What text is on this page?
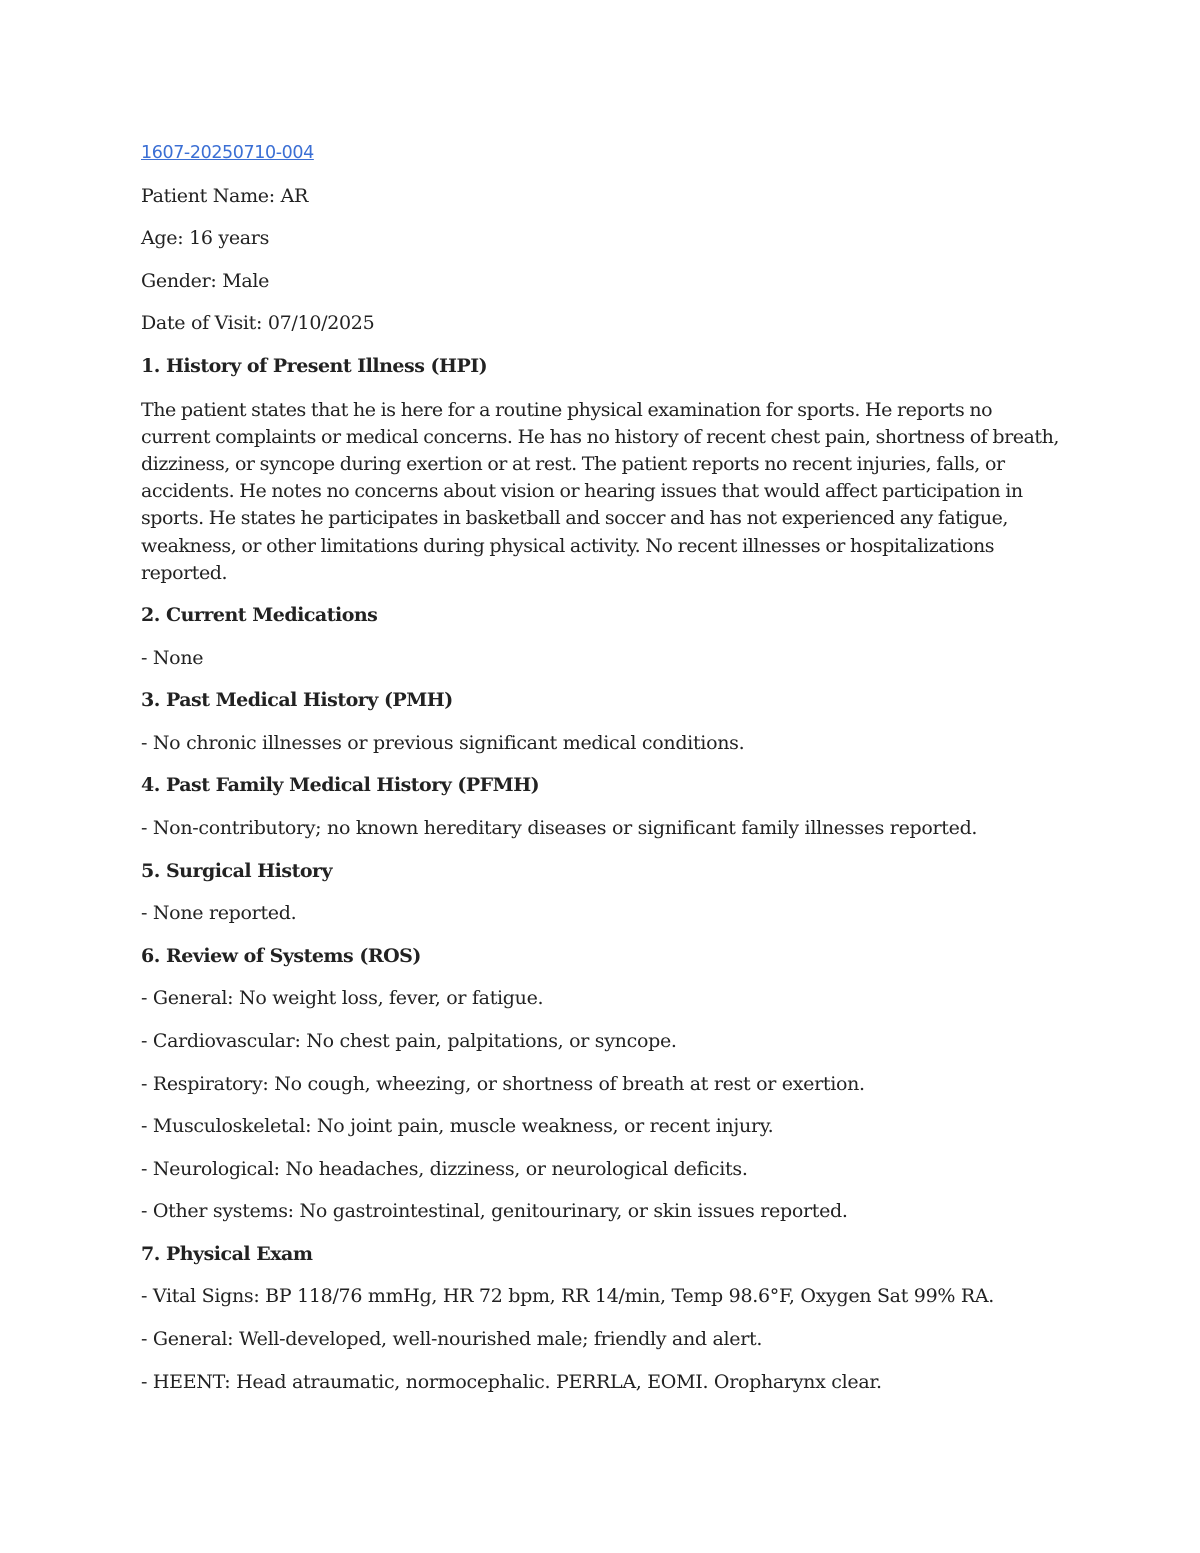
1607-20250710-004
Patient Name: AR
Age: 16 years
Gender: Male
Date of Visit: 07/10/2025
1. History of Present Illness (HPI)
The patient states that he is here for a routine physical examination for sports. He reports no current complaints or medical concerns. He has no history of recent chest pain, shortness of breath, dizziness, or syncope during exertion or at rest. The patient reports no recent injuries, falls, or accidents. He notes no concerns about vision or hearing issues that would affect participation in sports. He states he participates in basketball and soccer and has not experienced any fatigue, weakness, or other limitations during physical activity. No recent illnesses or hospitalizations reported.
2. Current Medications
- None
3. Past Medical History (PMH)
- No chronic illnesses or previous significant medical conditions.
4. Past Family Medical History (PFMH)
- Non-contributory; no known hereditary diseases or significant family illnesses reported.
5. Surgical History
- None reported.
6. Review of Systems (ROS)
- General: No weight loss, fever, or fatigue.
- Cardiovascular: No chest pain, palpitations, or syncope.
- Respiratory: No cough, wheezing, or shortness of breath at rest or exertion.
- Musculoskeletal: No joint pain, muscle weakness, or recent injury.
- Neurological: No headaches, dizziness, or neurological deficits.
- Other systems: No gastrointestinal, genitourinary, or skin issues reported.
7. Physical Exam
- Vital Signs: BP 118/76 mmHg, HR 72 bpm, RR 14/min, Temp 98.6°F, Oxygen Sat 99% RA.
- General: Well-developed, well-nourished male; friendly and alert.
- HEENT: Head atraumatic, normocephalic. PERRLA, EOMI. Oropharynx clear.
